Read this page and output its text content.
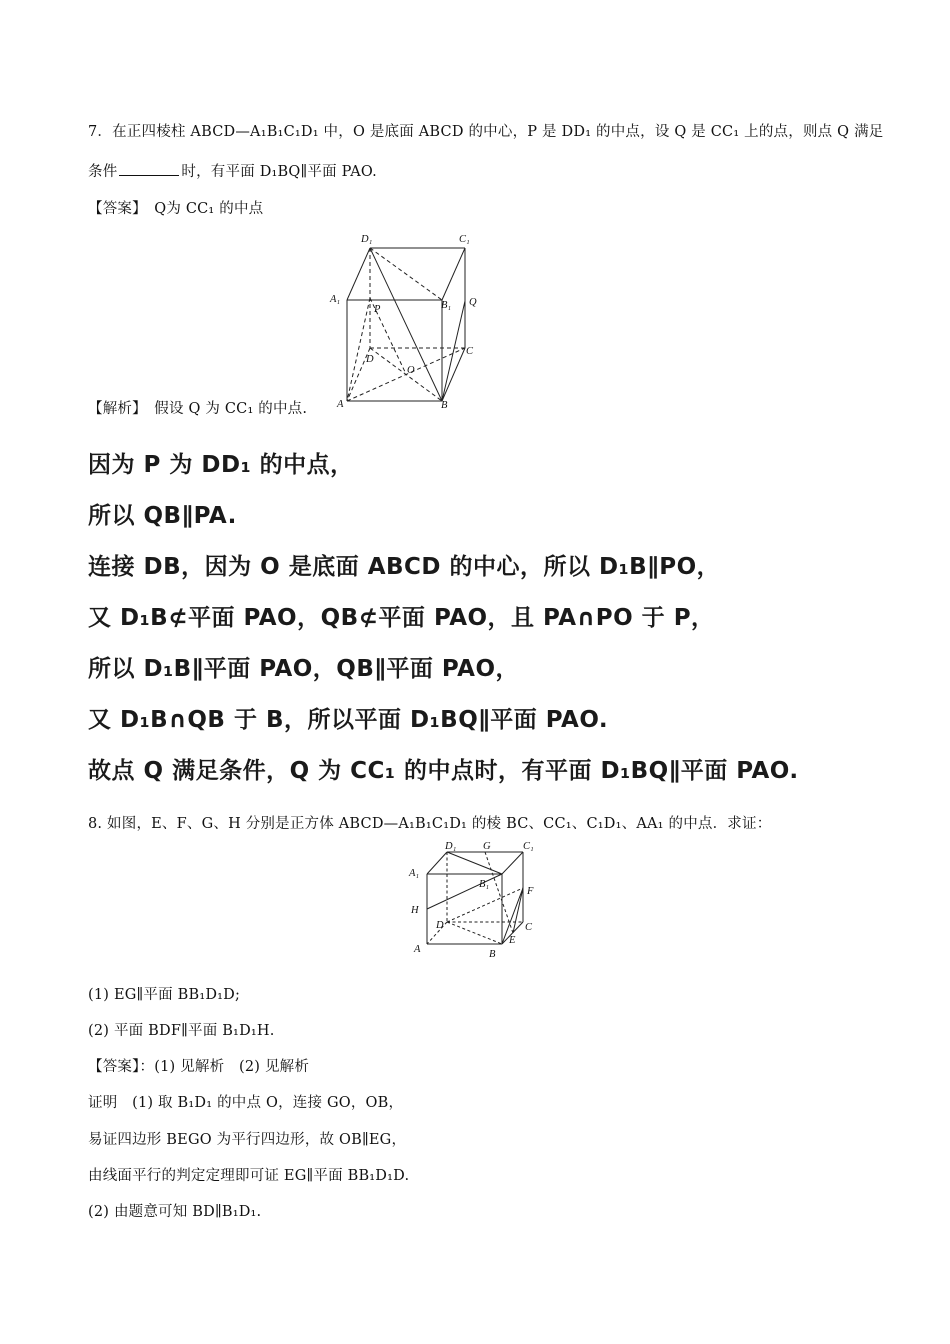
7．在正四棱柱 ABCD—A₁B₁C₁D₁ 中，O 是底面 ABCD 的中心，P 是 DD₁ 的中点，设 Q 是 CC₁ 上的点，则点 Q 满足
条件	时，有平面 D₁BQ∥平面 PAO.
【答案】　Q为 CC₁ 的中点
D₁	C₁
A₁
B₁ Q
P
C
D
O
A	B
【解析】　假设 Q 为 CC₁ 的中点.
因为 P 为 DD₁ 的中点，
所以 QB∥PA.
连接 DB，因为 O 是底面 ABCD 的中心，所以 D₁B∥PO，
又 D₁B⊄平面 PAO，QB⊄平面 PAO，且 PA∩PO 于 P，
所以 D₁B∥平面 PAO，QB∥平面 PAO，
又 D₁B∩QB 于 B，所以平面 D₁BQ∥平面 PAO.
故点 Q 满足条件，Q 为 CC₁ 的中点时，有平面 D₁BQ∥平面 PAO.
8. 如图，E、F、G、H 分别是正方体 ABCD—A₁B₁C₁D₁ 的棱 BC、CC₁、C₁D₁、AA₁ 的中点．求证：
D₁	G	C₁
A₁
B₁
F
H
D	C
E
A	B
(1) EG∥平面 BB₁D₁D;
(2) 平面 BDF∥平面 B₁D₁H.
【答案】：(1) 见解析　(2) 见解析
证明　(1) 取 B₁D₁ 的中点 O，连接 GO，OB，
易证四边形 BEGO 为平行四边形，故 OB∥EG，
由线面平行的判定定理即可证 EG∥平面 BB₁D₁D.
(2) 由题意可知 BD∥B₁D₁.
